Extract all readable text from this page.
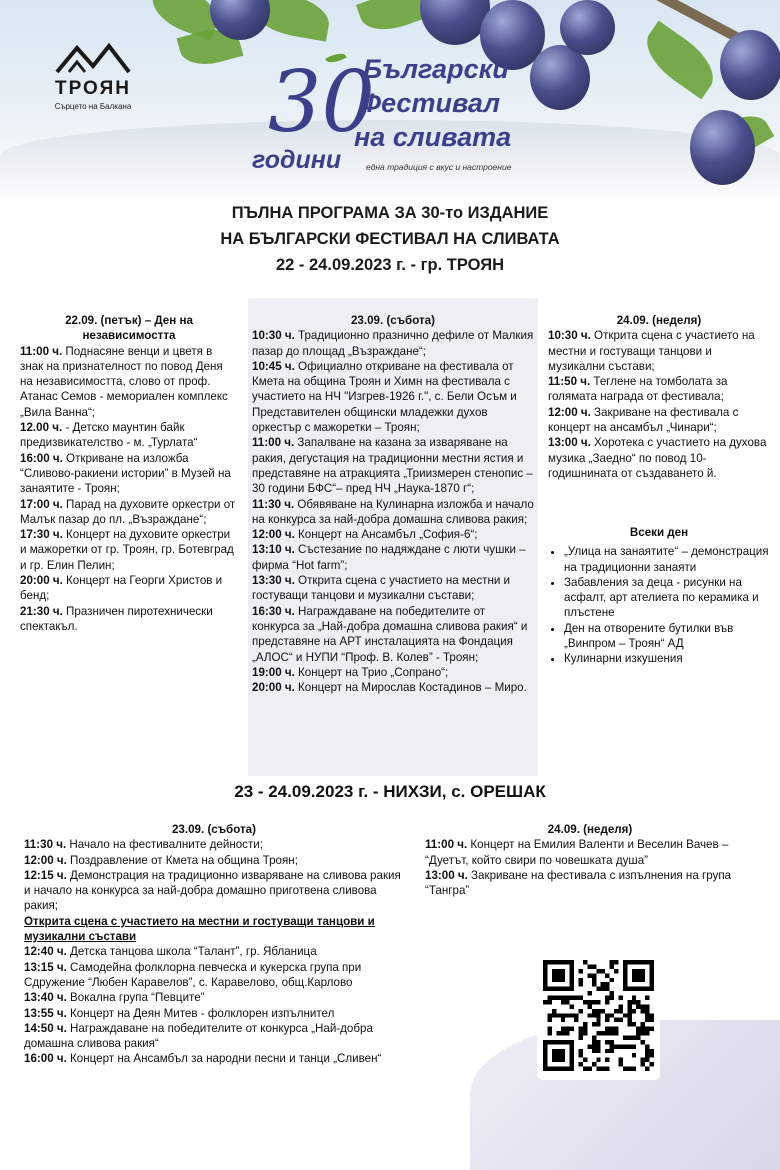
ТРОЯН
Сърцето на Балкана 30
години
Български
Фестивал
на сливата
една традиция с вкус и настроение
ПЪЛНА ПРОГРАМА ЗА 30-то ИЗДАНИЕ
НА БЪЛГАРСКИ ФЕСТИВАЛ НА СЛИВАТА
22 - 24.09.2023 г. - гр. ТРОЯН
22.09. (петък) – Ден на
независимостта

11:00 ч. Поднасяне венци и цветя в знак на признателност по повод Деня на независимостта, слово от проф. Атанас Семов - мемориален комплекс „Вила Ванна“;

12.00 ч. - Детско маунтин байк предизвикателство - м. „Турлата“

16:00 ч. Откриване на изложба “Сливово-ракиени истории” в Музей на занаятите - Троян;

17:00 ч. Парад на духовите оркестри от Малък пазар до пл. „Възраждане“;

17:30 ч. Концерт на духовите оркестри и мажоретки от гр. Троян, гр. Ботевград и гр. Елин Пелин;

20:00 ч. Концерт на Георги Христов и бенд;

21:30 ч. Празничен пиротехнически спектакъл.

23.09. (събота)

10:30 ч. Традиционно празнично дефиле от Малкия пазар до площад „Възраждане“;

10:45 ч. Официално откриване на фестивала от Кмета на община Троян и Химн на фестивала с участието на НЧ "Изгрев-1926 г.", с. Бели Осъм и Представителен общински младежки духов оркестър с мажоретки – Троян;

11:00 ч. Запалване на казана за изваряване на ракия, дегустация на традиционни местни ястия и представяне на атракцията „Триизмерен стенопис – 30 години БФС“– пред НЧ „Наука-1870 г“;

11:30 ч. Обявяване на Кулинарна изложба и начало на конкурса за най-добра домашна сливова ракия;

12:00 ч. Концерт на Ансамбъл „София-6“;

13:10 ч. Състезание по надяждане с люти чушки – фирма “Hot farm”;

13:30 ч. Открита сцена с участието на местни и гостуващи танцови и музикални състави;

16:30 ч. Награждаване на победителите от конкурса за „Най-добра домашна сливова ракия“ и представяне на АРТ инсталацията на Фондация „АЛОС“ и НУПИ “Проф. В. Колев” - Троян;

19:00 ч. Концерт на Трио „Сопрано“;

20:00 ч. Концерт на Мирослав Костадинов – Миро.

24.09. (неделя)

10:30 ч. Открита сцена с участието на местни и гостуващи танцови и музикални състави;

11:50 ч. Теглене на томболата за голямата награда от фестивала;

12:00 ч. Закриване на фестивала с концерт на ансамбъл „Чинари“;

13:00 ч. Хоротека с участието на духова музика „Заедно“ по повод 10-годишнината от създаването й.

Всеки ден
• „Улица на занаятите“ – демонстрация на традиционни занаяти
• Забавления за деца - рисунки на асфалт, арт ателиета по керамика и плъстене
• Ден на отворените бутилки във „Винпром – Троян“ АД
• Кулинарни изкушения
23 - 24.09.2023 г. - НИХЗИ, с. ОРЕШАК
23.09. (събота)

11:30 ч. Начало на фестивалните дейности;

12:00 ч. Поздравление от Кмета на община Троян;

12:15 ч. Демонстрация на традиционно изваряване на сливова ракия и начало на конкурса за най-добра домашно приготвена сливова ракия;

Открита сцена с участието на местни и гостуващи танцови и музикални състави

12:40 ч. Детска танцова школа “Талант”, гр. Ябланица

13:15 ч. Самодейна фолклорна певческа и кукерска група при Сдружение “Любен Каравелов”, с. Каравелово, общ.Карлово

13:40 ч. Вокална група “Певците”

13:55 ч. Концерт на Деян Митев - фолклорен изпълнител

14:50 ч. Награждаване на победителите от конкурса „Най-добра домашна сливова ракия“

16:00 ч. Концерт на Ансамбъл за народни песни и танци „Сливен“

24.09. (неделя)

11:00 ч. Концерт на Емилия Валенти и Веселин Вачев – “Дуетът, който свири по човешката душа”

13:00 ч. Закриване на фестивала с изпълнения на група “Тангра”
